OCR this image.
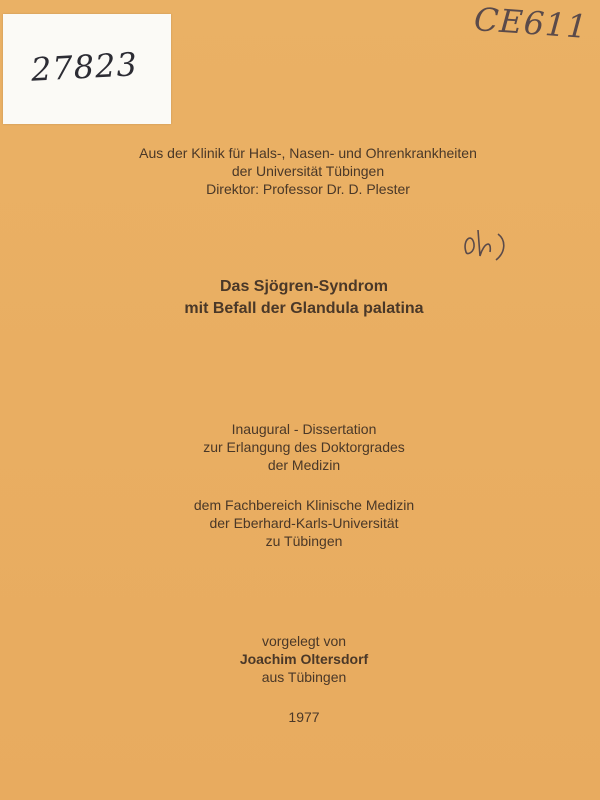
27823
CE611
Aus der Klinik für Hals-, Nasen- und Ohrenkrankheiten
der Universität Tübingen
Direktor: Professor Dr. D. Plester
Das Sjögren-Syndrom
mit Befall der Glandula palatina
Inaugural - Dissertation
zur Erlangung des Doktorgrades
der Medizin
dem Fachbereich Klinische Medizin
der Eberhard-Karls-Universität
zu Tübingen
vorgelegt von
Joachim Oltersdorf
aus Tübingen
1977
